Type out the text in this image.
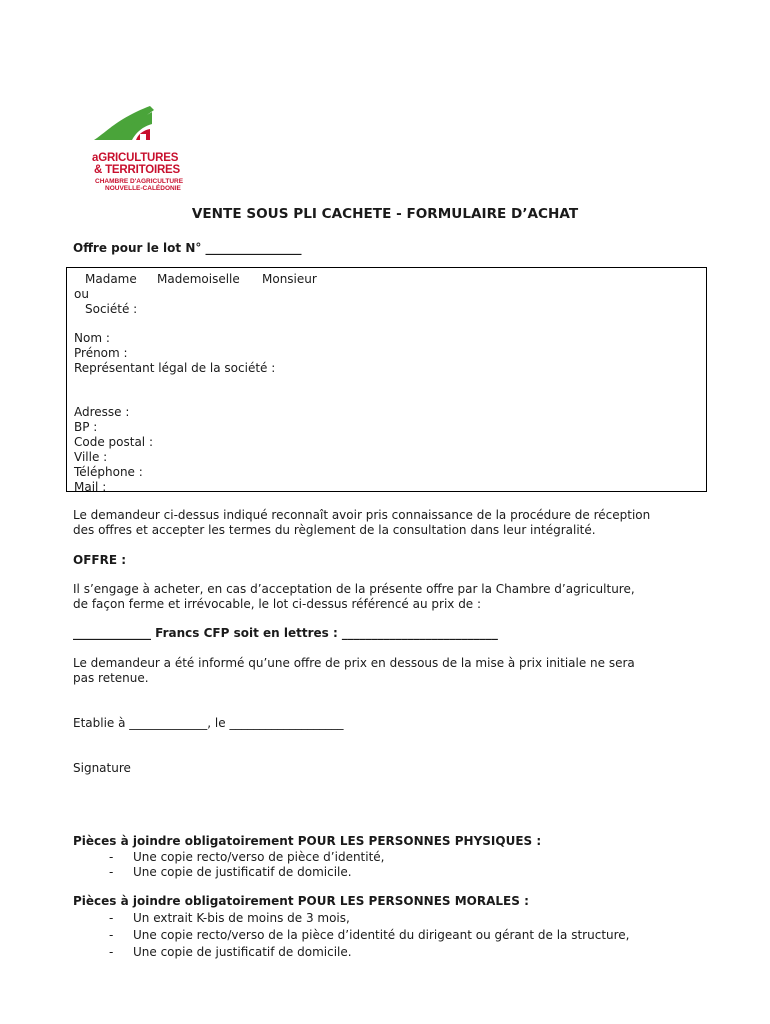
aGRICULTURES
& TERRITOIRES
CHAMBRE D'AGRICULTURE
NOUVELLE-CALÉDONIE
VENTE SOUS PLI CACHETE - FORMULAIRE D’ACHAT
Offre pour le lot N° ________________
Madame Mademoiselle Monsieur
ou
Société :
Nom :
Prénom :
Représentant légal de la société :
Adresse :
BP :
Code postal :
Ville :
Téléphone :
Mail :
Le demandeur ci-dessus indiqué reconnaît avoir pris connaissance de la procédure de réception
des offres et accepter les termes du règlement de la consultation dans leur intégralité.
OFFRE :
Il s’engage à acheter, en cas d’acceptation de la présente offre par la Chambre d’agriculture,
de façon ferme et irrévocable, le lot ci-dessus référencé au prix de :
_____________ Francs CFP soit en lettres : __________________________
Le demandeur a été informé qu’une offre de prix en dessous de la mise à prix initiale ne sera
pas retenue.
Etablie à _____________, le ___________________
Signature
Pièces à joindre obligatoirement POUR LES PERSONNES PHYSIQUES :
- Une copie recto/verso de pièce d’identité,
- Une copie de justificatif de domicile.
Pièces à joindre obligatoirement POUR LES PERSONNES MORALES :
- Un extrait K-bis de moins de 3 mois,
- Une copie recto/verso de la pièce d’identité du dirigeant ou gérant de la structure,
- Une copie de justificatif de domicile.
